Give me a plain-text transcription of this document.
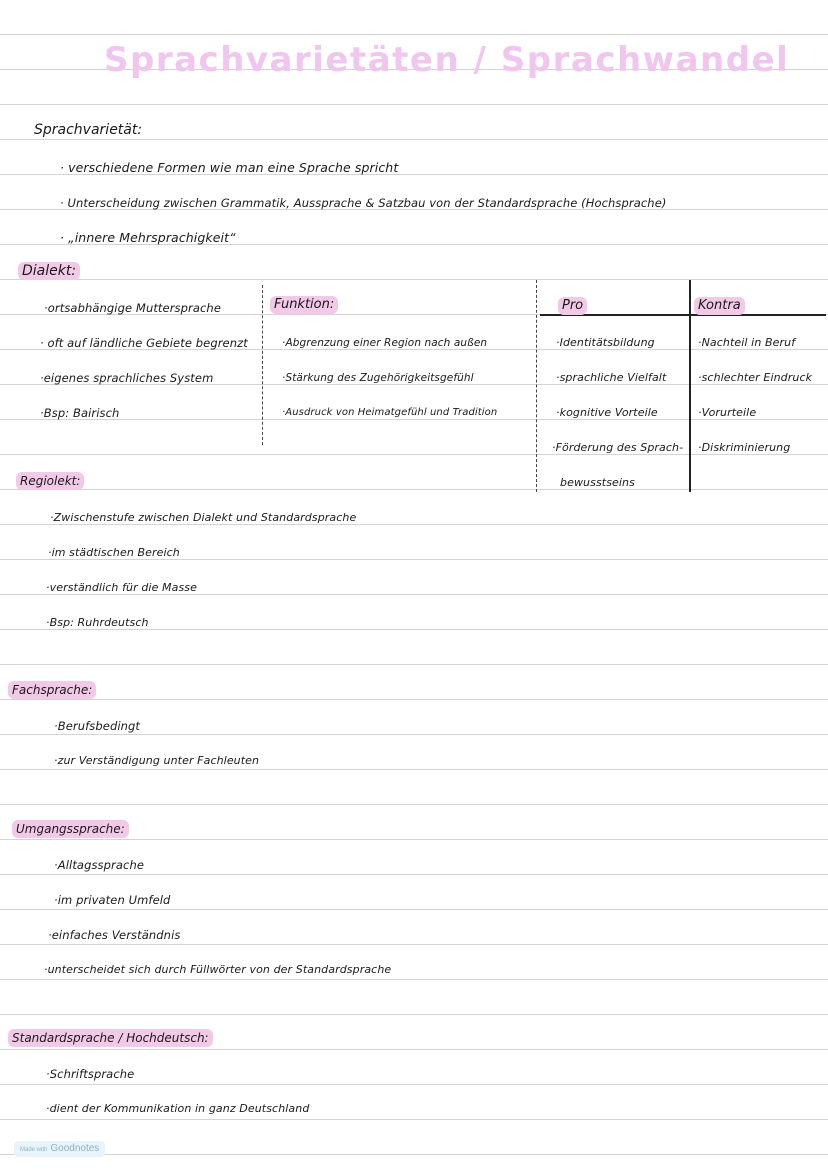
Sprachvarietäten / Sprachwandel
Sprachvarietät:
· verschiedene Formen wie man eine Sprache spricht
· Unterscheidung zwischen Grammatik, Aussprache & Satzbau von der Standardsprache (Hochsprache)
· „innere Mehrsprachigkeit“
Dialekt:
·ortsabhängige Muttersprache
· oft auf ländliche Gebiete begrenzt
·eigenes sprachliches System
·Bsp: Bairisch
Funktion:
·Abgrenzung einer Region nach außen
·Stärkung des Zugehörigkeitsgefühl
·Ausdruck von Heimatgefühl und Tradition
Pro
·Identitätsbildung
·sprachliche Vielfalt
·kognitive Vorteile
·Förderung des Sprach-
bewusstseins
Kontra
·Nachteil in Beruf
·schlechter Eindruck
·Vorurteile
·Diskriminierung
Regiolekt:
·Zwischenstufe zwischen Dialekt und Standardsprache
·im städtischen Bereich
·verständlich für die Masse
·Bsp: Ruhrdeutsch
Fachsprache:
·Berufsbedingt
·zur Verständigung unter Fachleuten
Umgangssprache:
·Alltagssprache
·im privaten Umfeld
·einfaches Verständnis
·unterscheidet sich durch Füllwörter von der Standardsprache
Standardsprache / Hochdeutsch:
·Schriftsprache
·dient der Kommunikation in ganz Deutschland
Made with Goodnotes
